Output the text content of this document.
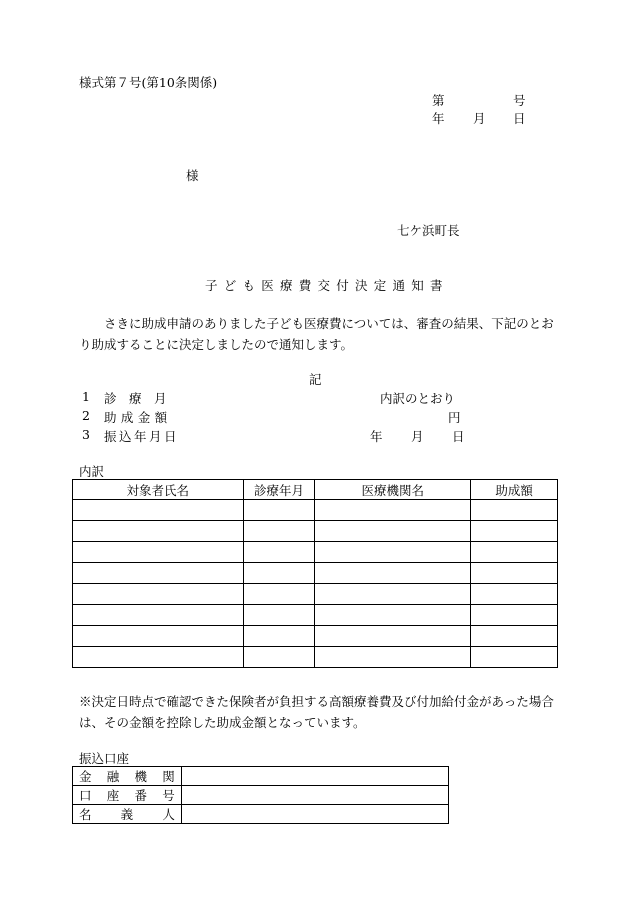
様式第７号(第10条関係)
第	号
年 月 日
様
七ケ浜町長
子ども医療費交付決定通知書
さきに助成申請のありました子ども医療費については、審査の結果、下記のとおり助成することに決定しましたので通知します。
記
1 診　療　月	内訳のとおり
2 助成金額	円
3 振込年月日	年 月 日
内訳
対象者氏名	診療年月	医療機関名	助成額

※決定日時点で確認できた保険者が負担する高額療養費及び付加給付金があった場合は、その金額を控除した助成金額となっています。
振込口座
金 融 機 関	

口 座 番 号	

名 義 人	
